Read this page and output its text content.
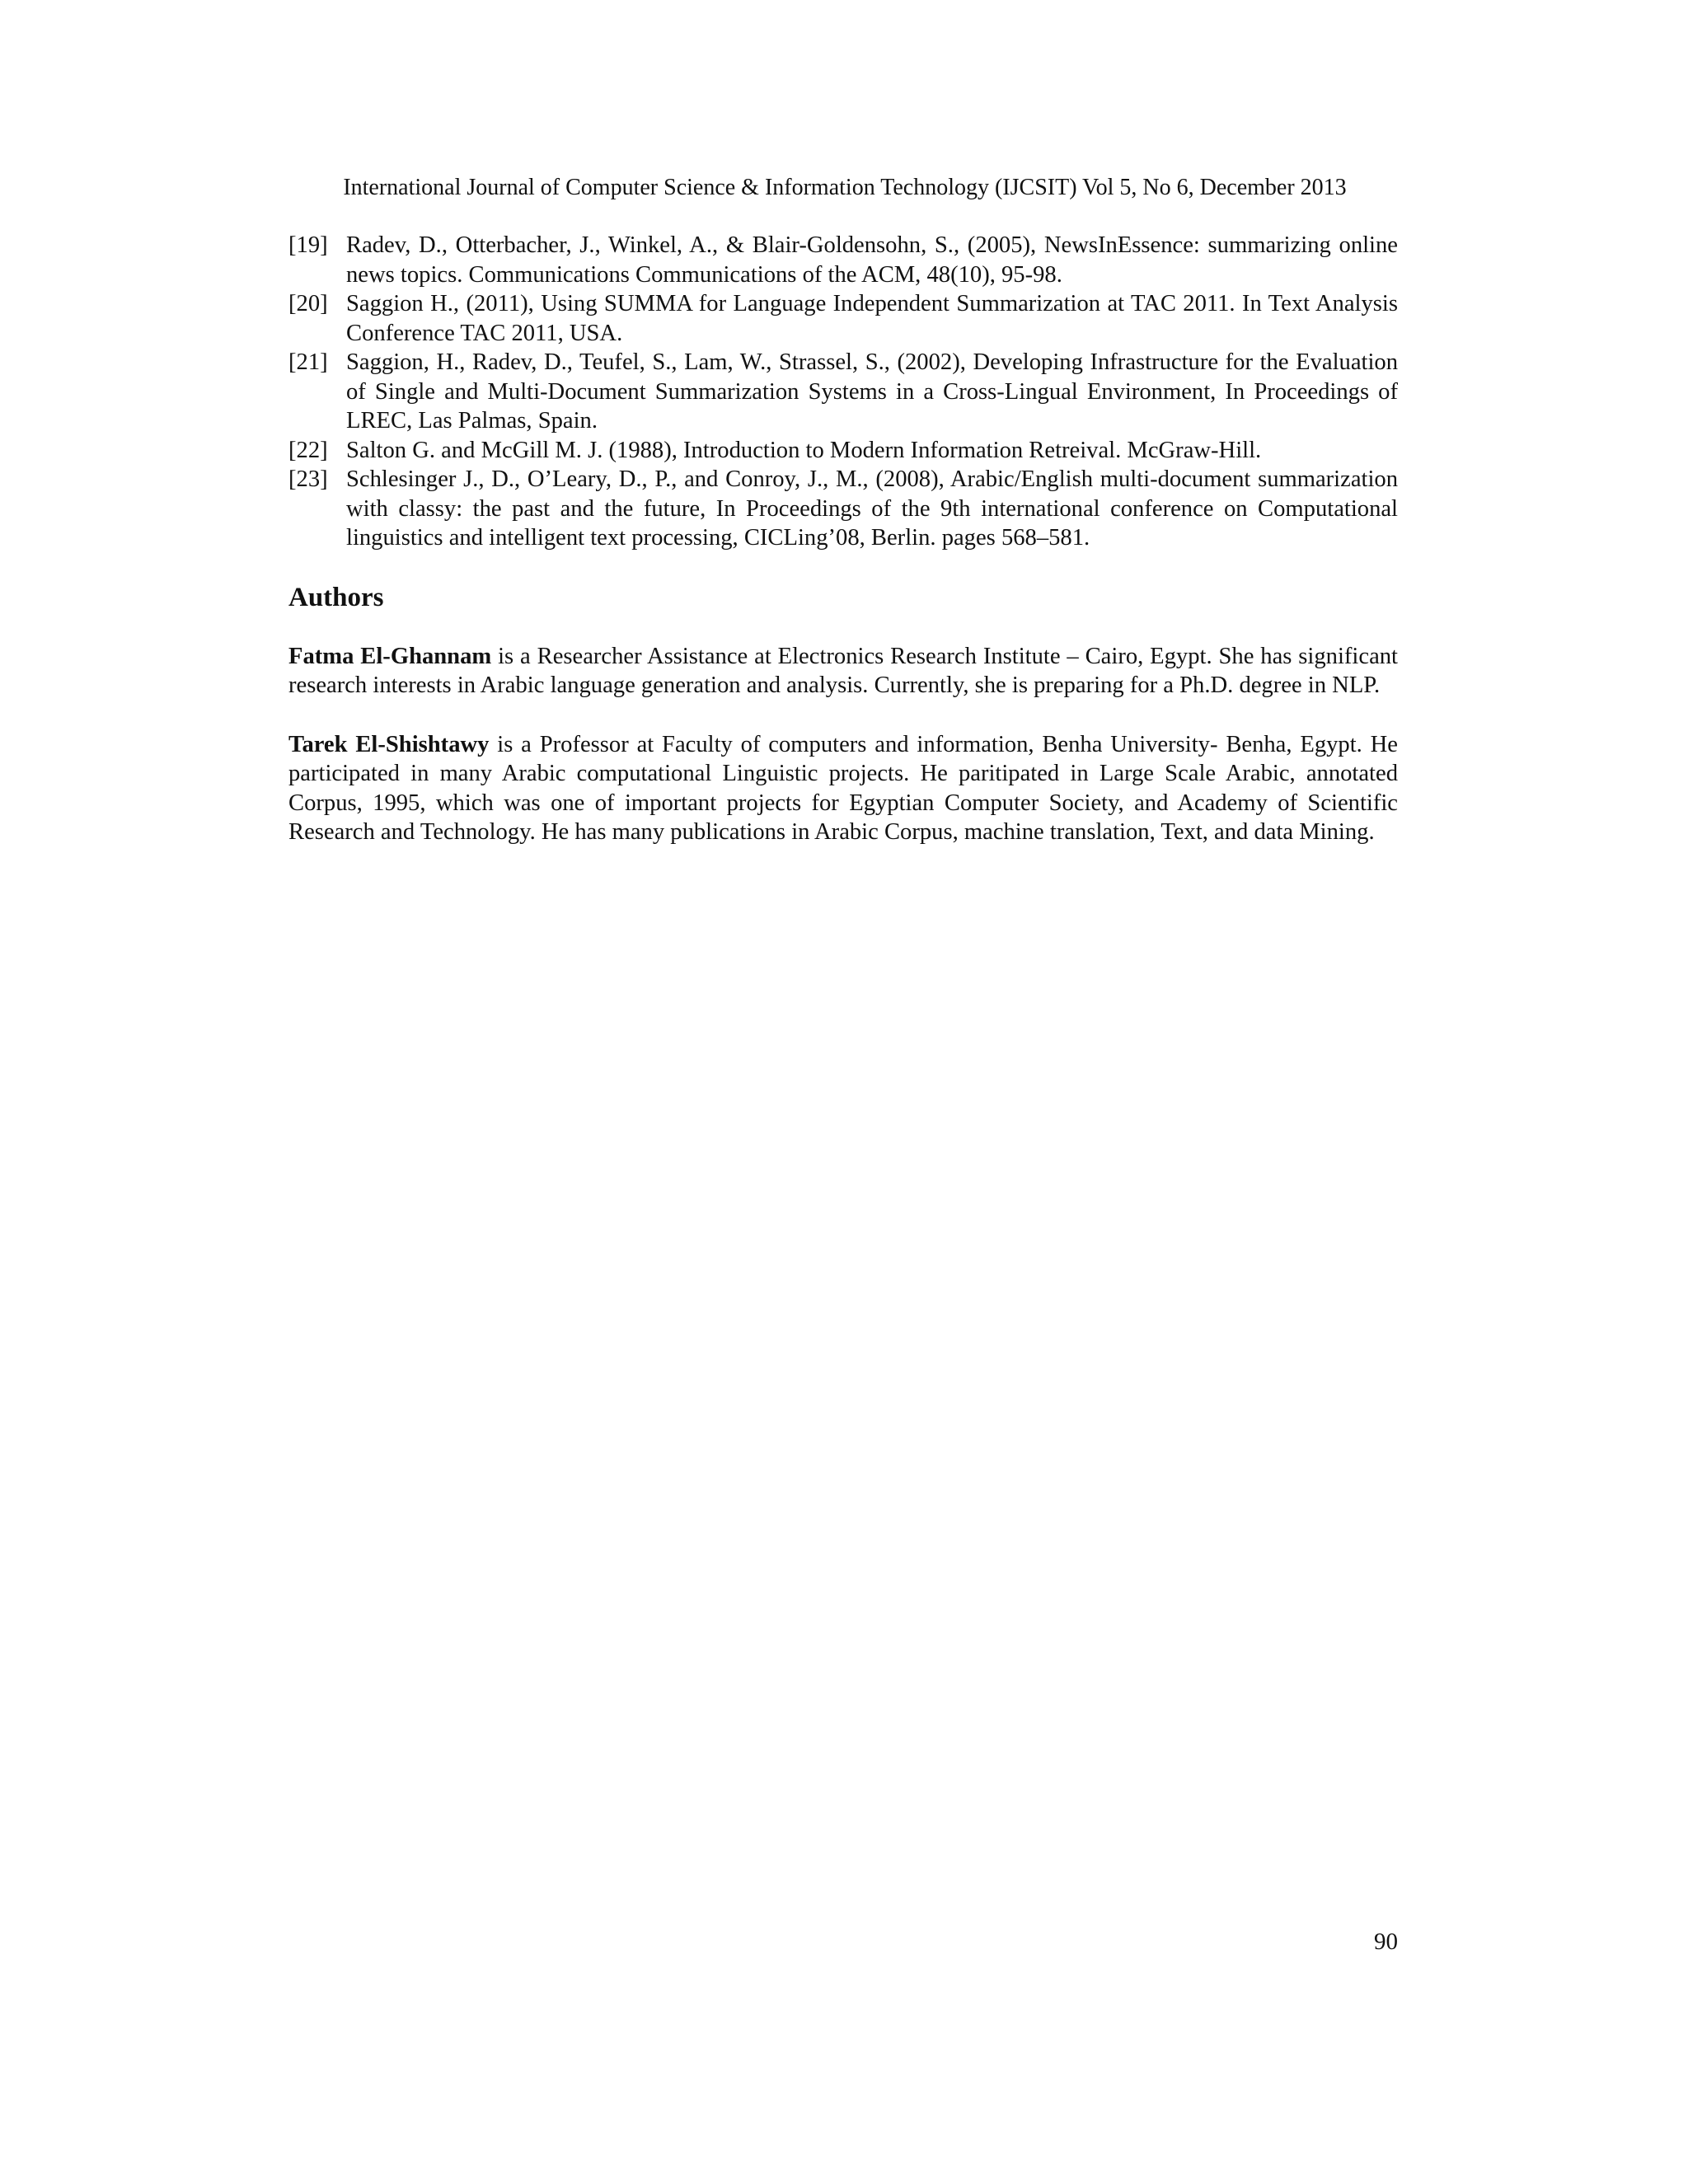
International Journal of Computer Science & Information Technology (IJCSIT) Vol 5, No 6, December 2013
[19] Radev, D., Otterbacher, J., Winkel, A., & Blair-Goldensohn, S., (2005), NewsInEssence: summarizing online news topics. Communications Communications of the ACM, 48(10), 95-98.
[20] Saggion H., (2011), Using SUMMA for Language Independent Summarization at TAC 2011. In Text Analysis Conference TAC 2011, USA.
[21] Saggion, H., Radev, D., Teufel, S., Lam, W., Strassel, S., (2002), Developing Infrastructure for the Evaluation of Single and Multi-Document Summarization Systems in a Cross-Lingual Environment, In Proceedings of LREC, Las Palmas, Spain.
[22] Salton G. and McGill M. J. (1988), Introduction to Modern Information Retreival. McGraw-Hill.
[23] Schlesinger J., D., O’Leary, D., P., and Conroy, J., M., (2008), Arabic/English multi-document summarization with classy: the past and the future, In Proceedings of the 9th international conference on Computational linguistics and intelligent text processing, CICLing’08, Berlin. pages 568–581.
Authors

Fatma El-Ghannam is a Researcher Assistance at Electronics Research Institute – Cairo, Egypt. She has significant research interests in Arabic language generation and analysis. Currently, she is preparing for a Ph.D. degree in NLP.

Tarek El-Shishtawy is a Professor at Faculty of computers and information, Benha University- Benha, Egypt. He participated in many Arabic computational Linguistic projects. He paritipated in Large Scale Arabic, annotated Corpus, 1995, which was one of important projects for Egyptian Computer Society, and Academy of Scientific Research and Technology. He has many publications in Arabic Corpus, machine translation, Text, and data Mining.

90
